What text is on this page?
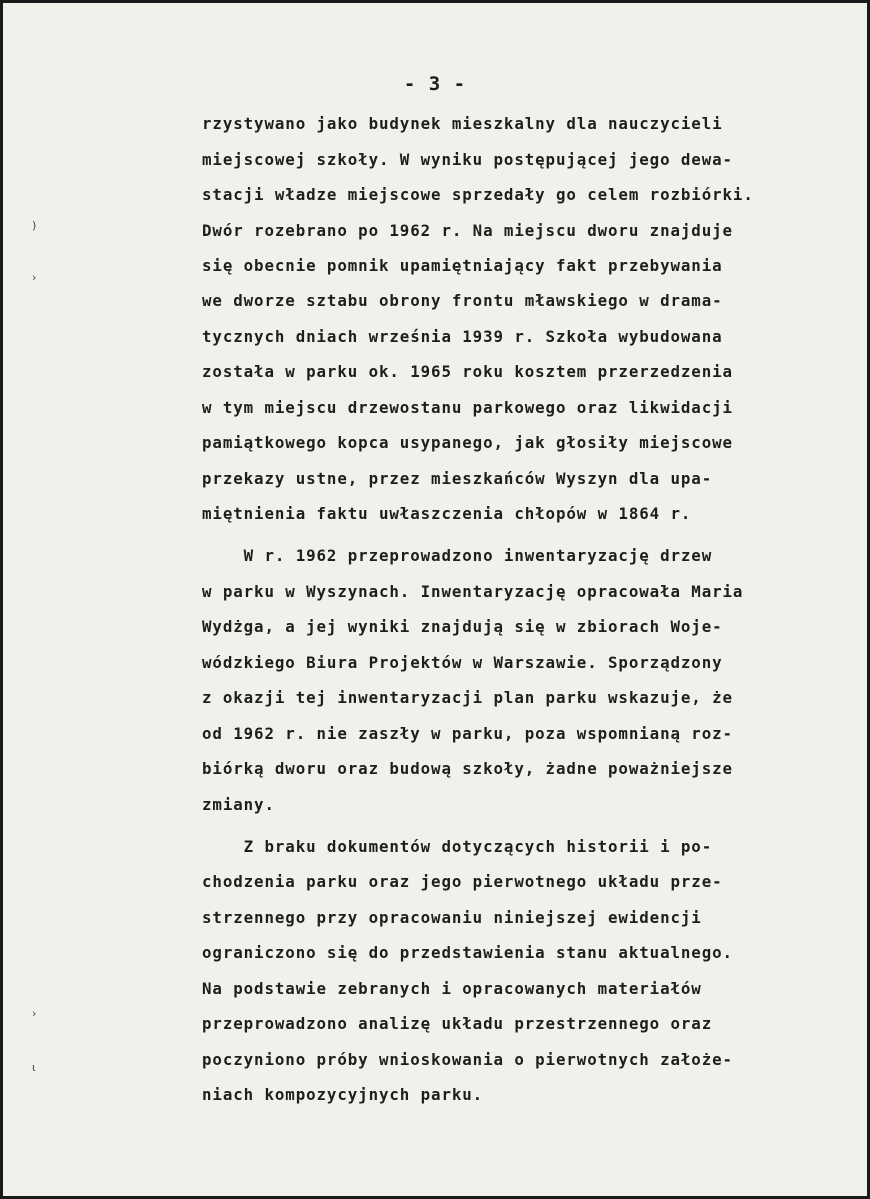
- 3 -
rzystywano jako budynek mieszkalny dla nauczycieli
miejscowej szkoły. W wyniku postępującej jego dewa-
stacji władze miejscowe sprzedały go celem rozbiórki.
Dwór rozebrano po 1962 r. Na miejscu dworu znajduje
się obecnie pomnik upamiętniający fakt przebywania
we dworze sztabu obrony frontu mławskiego w drama-
tycznych dniach września 1939 r. Szkoła wybudowana
została w parku ok. 1965 roku kosztem przerzedzenia
w tym miejscu drzewostanu parkowego oraz likwidacji
pamiątkowego kopca usypanego, jak głosiły miejscowe
przekazy ustne, przez mieszkańców Wyszyn dla upa-
miętnienia faktu uwłaszczenia chłopów w 1864 r.
W r. 1962 przeprowadzono inwentaryzację drzew
w parku w Wyszynach. Inwentaryzację opracowała Maria
Wydżga, a jej wyniki znajdują się w zbiorach Woje-
wódzkiego Biura Projektów w Warszawie. Sporządzony
z okazji tej inwentaryzacji plan parku wskazuje, że
od 1962 r. nie zaszły w parku, poza wspomnianą roz-
biórką dworu oraz budową szkoły, żadne poważniejsze
zmiany.
Z braku dokumentów dotyczących historii i po-
chodzenia parku oraz jego pierwotnego układu prze-
strzennego przy opracowaniu niniejszej ewidencji
ograniczono się do przedstawienia stanu aktualnego.
Na podstawie zebranych i opracowanych materiałów
przeprowadzono analizę układu przestrzennego oraz
poczyniono próby wnioskowania o pierwotnych założe-
niach kompozycyjnych parku.
)
›
›
ι
